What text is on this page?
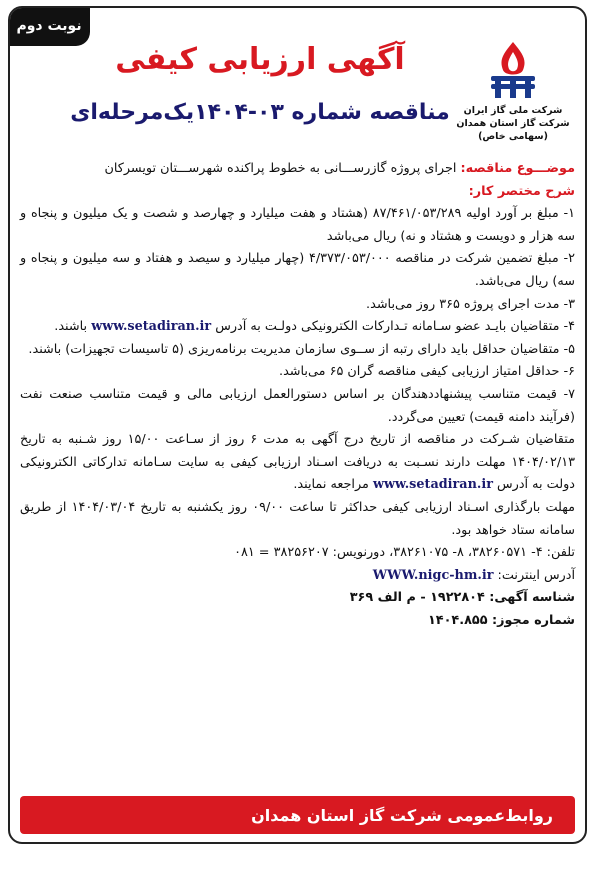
نوبت دوم
شرکت ملی گاز ایران
شرکت گاز استان همدان
(سهامی خاص)
آگهی ارزیابی کیفی
مناقصه شماره ۰۳-۱۴۰۴یک‌مرحله‌ای

موضـــوع مناقصه: اجرای پروژه گازرســـانی به خطوط پراکنده شهرســـتان تویسرکان

شرح مختصر کار:

۱- مبلغ بر آورد اولیه ۸۷/۴۶۱/۰۵۳/۲۸۹ (هشتاد و هفت میلیارد و چهارصد و شصت و یک میلیون و پنجاه و سه هزار و دویست و هشتاد و نه) ریال می‌باشد

۲- مبلغ تضمین شرکت در مناقصه ۴/۳۷۳/۰۵۳/۰۰۰ (چهار میلیارد و سیصد و هفتاد و سه میلیون و پنجاه و سه) ریال می‌باشد.

۳- مدت اجرای پروژه ۳۶۵ روز می‌باشد.

۴- متقاضیان بایـد عضو سـامانه تـدارکات الکترونیکی دولـت به آدرس www.setadiran.ir باشند.

۵- متقاضیان حداقل باید دارای رتبه از ســوی سازمان مدیریت برنامه‌ریزی (۵ تاسیسات تجهیزات) باشند.

۶- حداقل امتیاز ارزیابی کیفی مناقصه گران ۶۵ می‌باشد.

۷- قیمت متناسب پیشنهاددهندگان بر اساس دستورالعمل ارزیابی مالی و قیمت متناسب صنعت نفت (فرآیند دامنه قیمت) تعیین می‌گردد.

متقاضیان شـرکت در مناقصه از تاریخ درج آگهی به مدت ۶ روز از سـاعت ۱۵/۰۰ روز شـنبه به تاریخ ۱۴۰۴/۰۲/۱۳ مهلت دارند نسـبت به دریافت اسـناد ارزیابی کیفی به سایت سـامانه تدارکاتی الکترونیکی دولت به آدرس www.setadiran.ir مراجعه نمایند.

مهلت بارگذاری اسـناد ارزیابی کیفی حداکثر تا ساعت ۰۹/۰۰ روز یکشنبه به تاریخ ۱۴۰۴/۰۳/۰۴ از طریق سامانه ستاد خواهد بود.

تلفن: ۴- ۳۸۲۶۰۵۷۱، ۸- ۳۸۲۶۱۰۷۵، دورنویس: ۳۸۲۵۶۲۰۷ = ۰۸۱

آدرس اینترنت: WWW.nigc-hm.ir

شناسه آگهی: ۱۹۲۲۸۰۴ - م الف ۳۶۹

شماره مجوز: ۱۴۰۴.۸۵۵

روابط‌عمومی شرکت گاز استان همدان
